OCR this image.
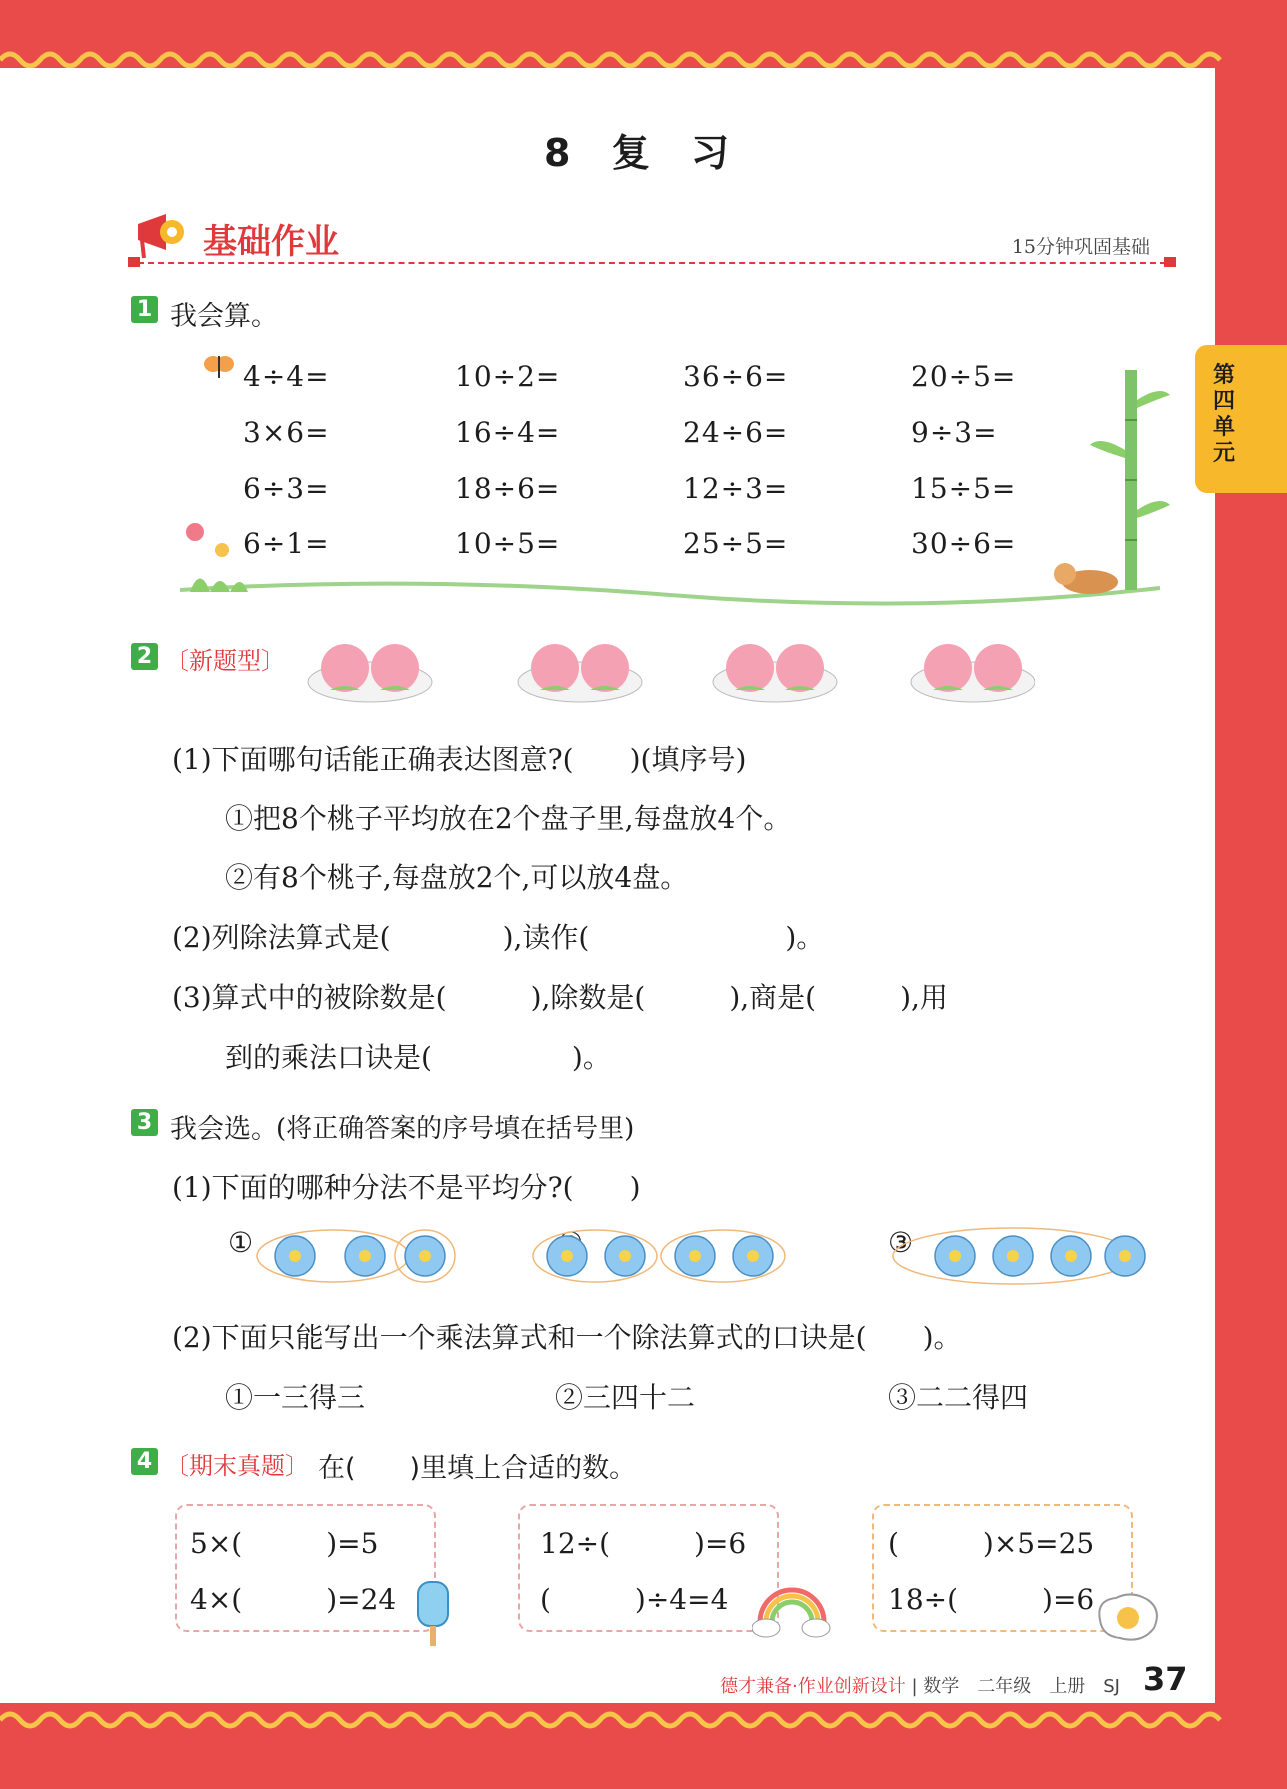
8 复 习
基础作业	15分钟巩固基础
第四单元
1 我会算。
4÷4=	10÷2=	36÷6=	20÷5=
3×6=	16÷4=	24÷6=	9÷3=
6÷3=	18÷6=	12÷3=	15÷5=
6÷1=	10÷5=	25÷5=	30÷6=
2 〔新题型〕
(1)下面哪句话能正确表达图意?(　　)(填序号)
①把8个桃子平均放在2个盘子里,每盘放4个。
②有8个桃子,每盘放2个,可以放4盘。
(2)列除法算式是(　　　　),读作(　　　　　　　)。
(3)算式中的被除数是(　　　),除数是(　　　),商是(　　　),用
到的乘法口诀是(　　　　　)。
3 我会选。
(将正确答案的序号填在括号里)
(1)下面的哪种分法不是平均分?(　　)
①	③
(2)下面只能写出一个乘法算式和一个除法算式的口诀是(　　)。
①一三得三	②三四十二	③二二得四
4 〔期末真题〕 在(　　)里填上合适的数。
5×(　　　)=5
4×(　　　)=24
12÷(　　　)=6
(　　　)÷4=4
(　　　)×5=25
18÷(　　　)=6
德才兼备·作业创新设计 | 数学　二年级　上册　SJ 37
